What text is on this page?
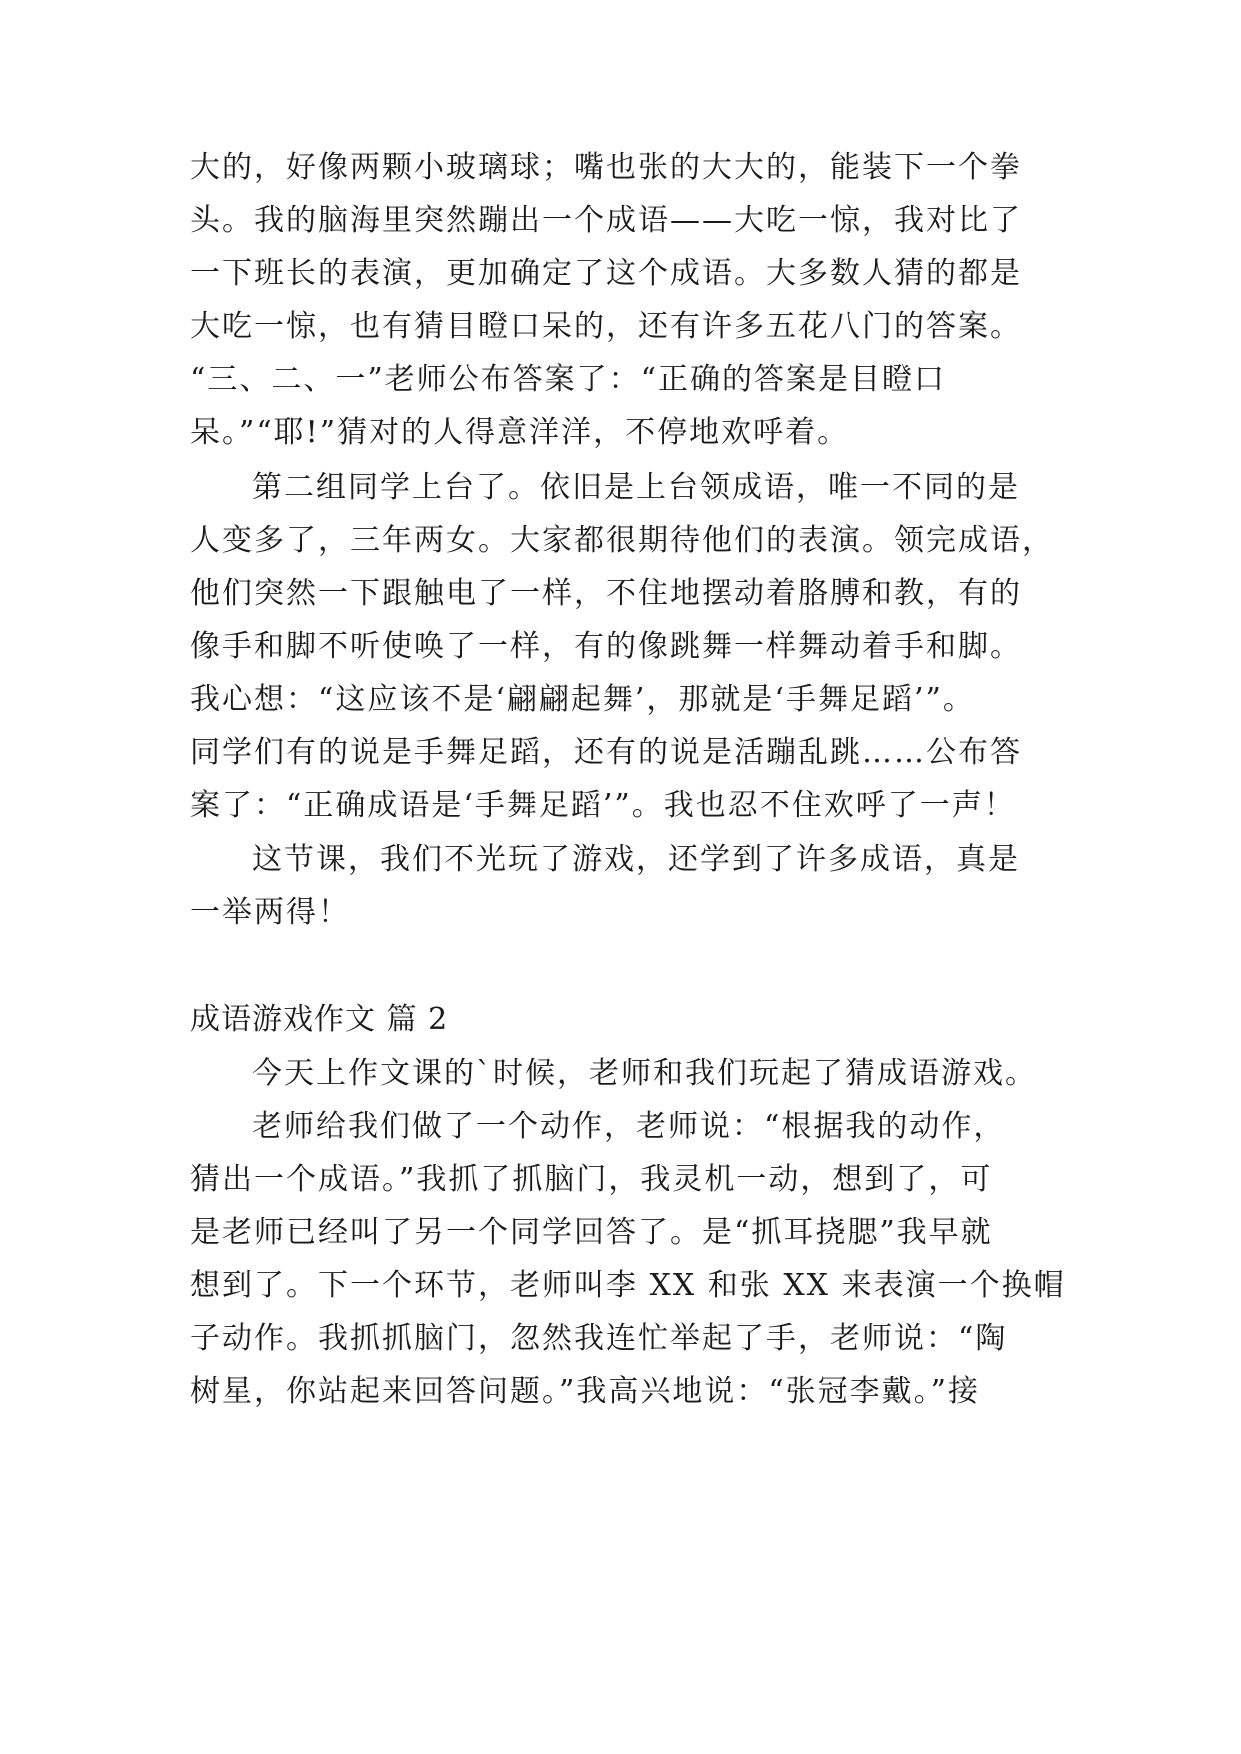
大的，好像两颗小玻璃球；嘴也张的大大的，能装下一个拳
头。我的脑海里突然蹦出一个成语——大吃一惊，我对比了
一下班长的表演，更加确定了这个成语。大多数人猜的都是
大吃一惊，也有猜目瞪口呆的，还有许多五花八门的答案。
“三、二、一”老师公布答案了：“正确的答案是目瞪口
呆。”“耶!”猜对的人得意洋洋，不停地欢呼着。
第二组同学上台了。依旧是上台领成语，唯一不同的是
人变多了，三年两女。大家都很期待他们的表演。领完成语，
他们突然一下跟触电了一样，不住地摆动着胳膊和教，有的
像手和脚不听使唤了一样，有的像跳舞一样舞动着手和脚。
我心想：“这应该不是‘翩翩起舞’，那就是‘手舞足蹈’”。
同学们有的说是手舞足蹈，还有的说是活蹦乱跳……公布答
案了：“正确成语是‘手舞足蹈’”。我也忍不住欢呼了一声！
这节课，我们不光玩了游戏，还学到了许多成语，真是
一举两得！
成语游戏作文 篇 2
今天上作文课的`时候，老师和我们玩起了猜成语游戏。
老师给我们做了一个动作，老师说：“根据我的动作，
猜出一个成语。”我抓了抓脑门，我灵机一动，想到了，可
是老师已经叫了另一个同学回答了。是“抓耳挠腮”我早就
想到了。下一个环节，老师叫李 XX 和张 XX 来表演一个换帽
子动作。我抓抓脑门，忽然我连忙举起了手，老师说：“陶
树星，你站起来回答问题。”我高兴地说：“张冠李戴。”接
